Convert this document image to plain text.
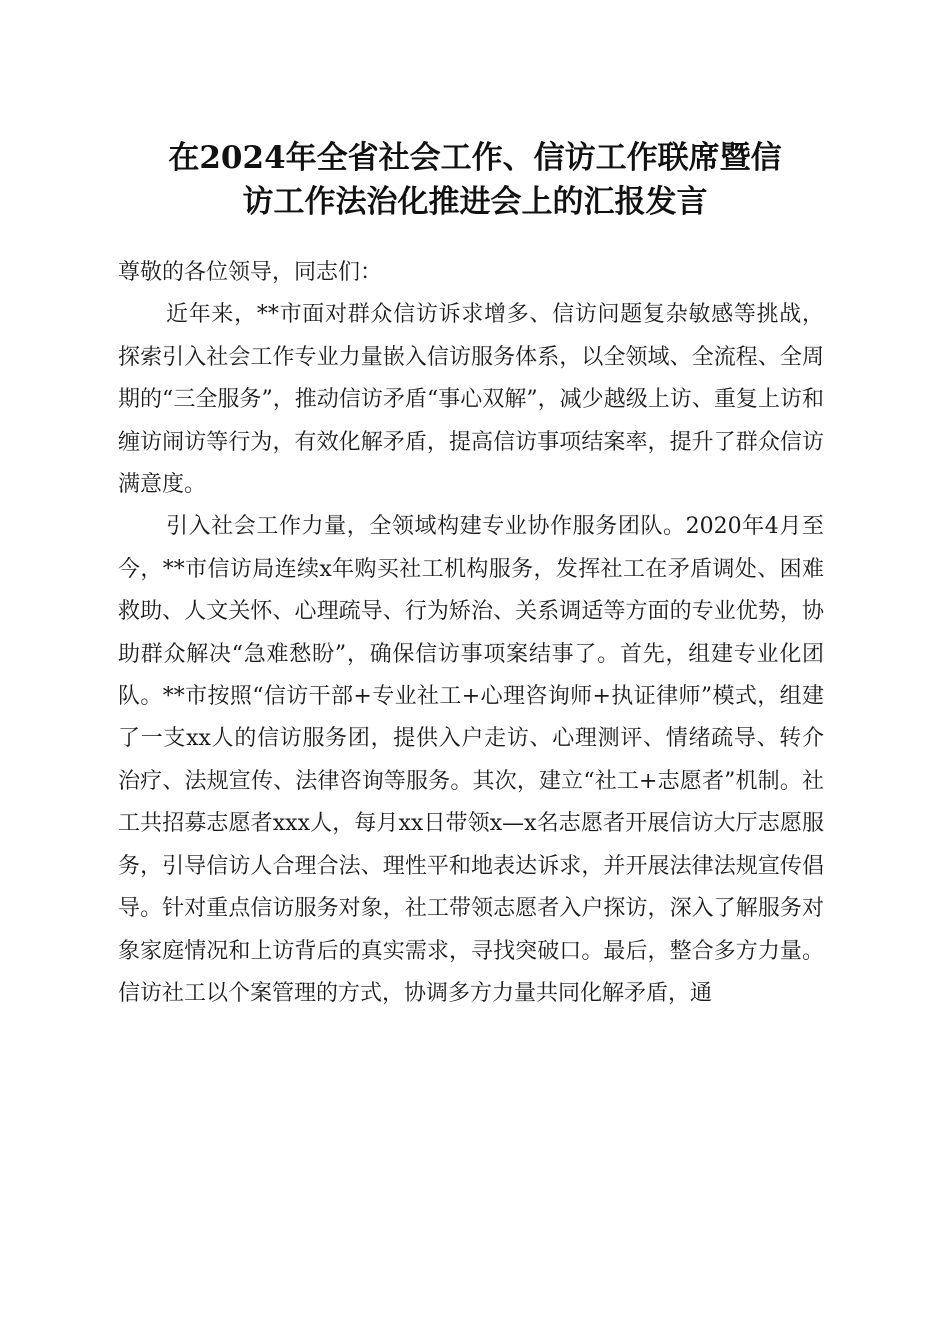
在2024年全省社会工作、信访工作联席暨信
访工作法治化推进会上的汇报发言

尊敬的各位领导，同志们：

近年来，**市面对群众信访诉求增多、信访问题复杂敏感等挑战，探索引入社会工作专业力量嵌入信访服务体系，以全领域、全流程、全周期的“三全服务”，推动信访矛盾“事心双解”，减少越级上访、重复上访和缠访闹访等行为，有效化解矛盾，提高信访事项结案率，提升了群众信访满意度。

引入社会工作力量，全领域构建专业协作服务团队。2020年4月至今，**市信访局连续x年购买社工机构服务，发挥社工在矛盾调处、困难救助、人文关怀、心理疏导、行为矫治、关系调适等方面的专业优势，协助群众解决“急难愁盼”，确保信访事项案结事了。首先，组建专业化团队。**市按照“信访干部+专业社工+心理咨询师+执证律师”模式，组建了一支xx人的信访服务团，提供入户走访、心理测评、情绪疏导、转介治疗、法规宣传、法律咨询等服务。其次，建立“社工+志愿者”机制。社工共招募志愿者xxx人，每月xx日带领x—x名志愿者开展信访大厅志愿服务，引导信访人合理合法、理性平和地表达诉求，并开展法律法规宣传倡导。针对重点信访服务对象，社工带领志愿者入户探访，深入了解服务对象家庭情况和上访背后的真实需求，寻找突破口。最后，整合多方力量。信访社工以个案管理的方式，协调多方力量共同化解矛盾，通
